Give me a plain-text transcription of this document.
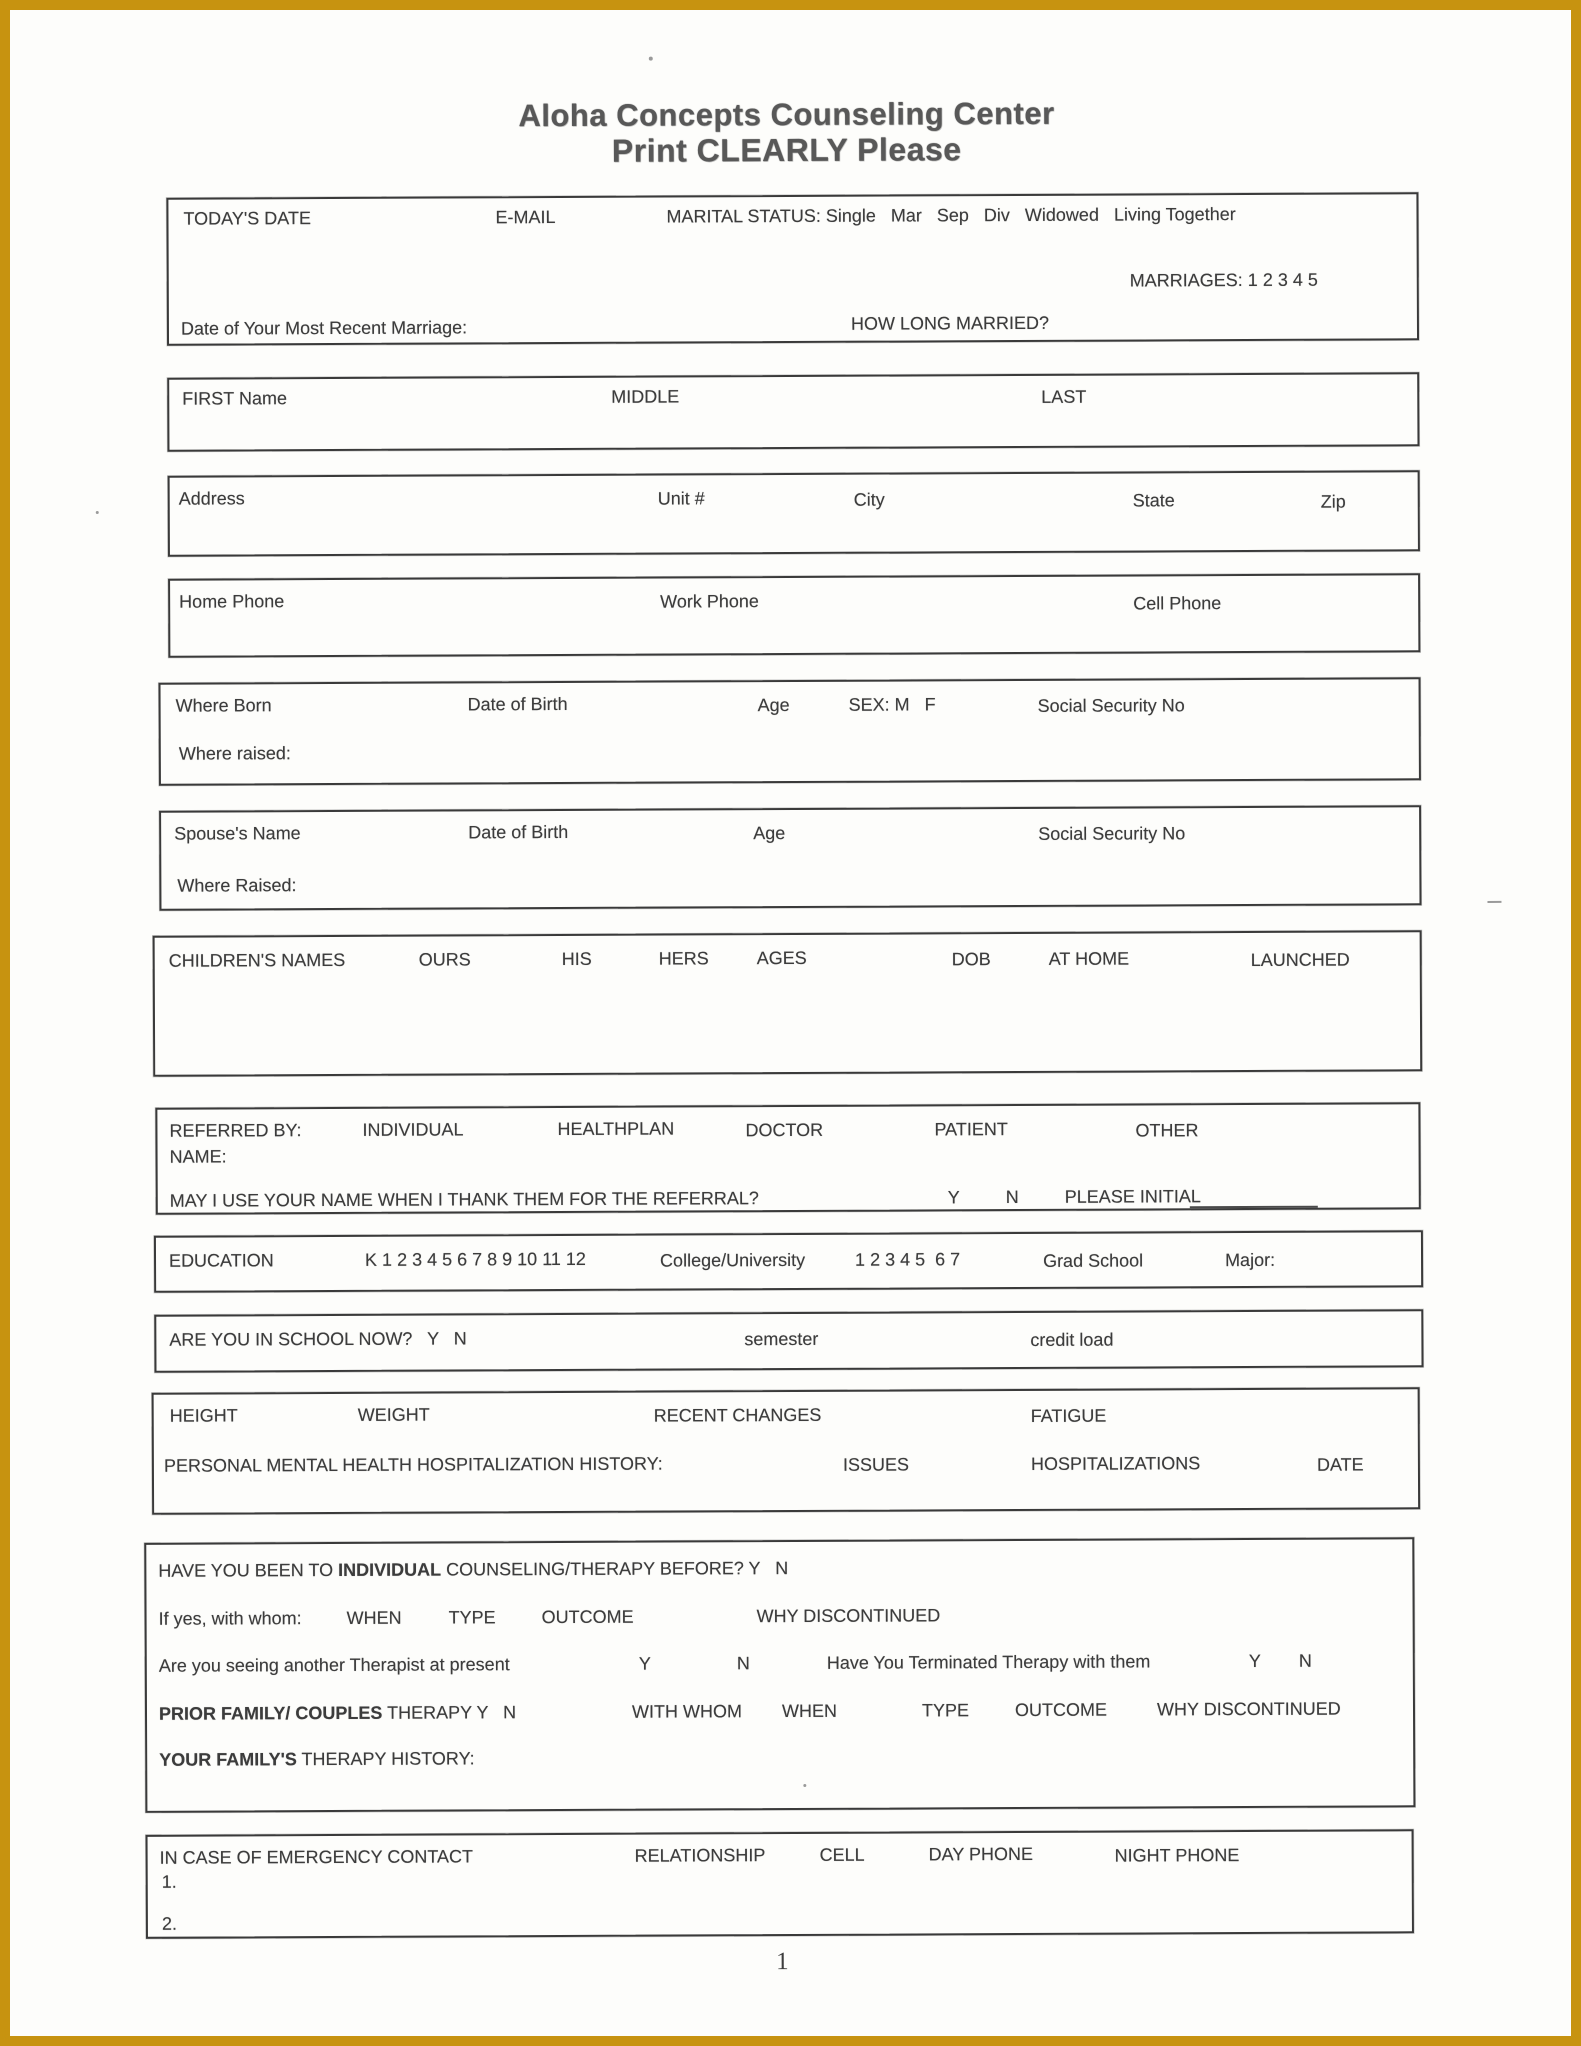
Aloha Concepts Counseling Center
Print CLEARLY Please
TODAY'S DATE	E-MAIL	MARITAL STATUS: Single   Mar   Sep   Div   Widowed   Living Together
MARRIAGES: 1 2 3 4 5
Date of Your Most Recent Marriage:	HOW LONG MARRIED?
FIRST Name	MIDDLE	LAST
Address	Unit #	City	State	Zip
Home Phone	Work Phone	Cell Phone
Where Born	Date of Birth	Age	SEX: M   F	Social Security No
Where raised:
Spouse's Name	Date of Birth	Age	Social Security No
Where Raised:
CHILDREN'S NAMES	OURS	HIS	HERS	AGES	DOB	AT HOME	LAUNCHED
REFERRED BY:	INDIVIDUAL	HEALTHPLAN	DOCTOR	PATIENT	OTHER
NAME:
MAY I USE YOUR NAME WHEN I THANK THEM FOR THE REFERRAL?	Y	N	PLEASE INITIAL
EDUCATION	K 1 2 3 4 5 6 7 8 9 10 11 12	College/University	1 2 3 4 5  6 7	Grad School	Major:
ARE YOU IN SCHOOL NOW?   Y   N	semester	credit load
HEIGHT	WEIGHT	RECENT CHANGES	FATIGUE
PERSONAL MENTAL HEALTH HOSPITALIZATION HISTORY:	ISSUES	HOSPITALIZATIONS	DATE
HAVE YOU BEEN TO INDIVIDUAL COUNSELING/THERAPY BEFORE? Y   N
If yes, with whom: WHEN	TYPE	OUTCOME	WHY DISCONTINUED
Are you seeing another Therapist at present	Y	N	Have You Terminated Therapy with them	Y N
PRIOR FAMILY/ COUPLES THERAPY Y   N	WITH WHOM WHEN	TYPE	OUTCOME	WHY DISCONTINUED
YOUR FAMILY'S THERAPY HISTORY:
IN CASE OF EMERGENCY CONTACT	RELATIONSHIP	CELL	DAY PHONE	NIGHT PHONE
1.
2.
1
